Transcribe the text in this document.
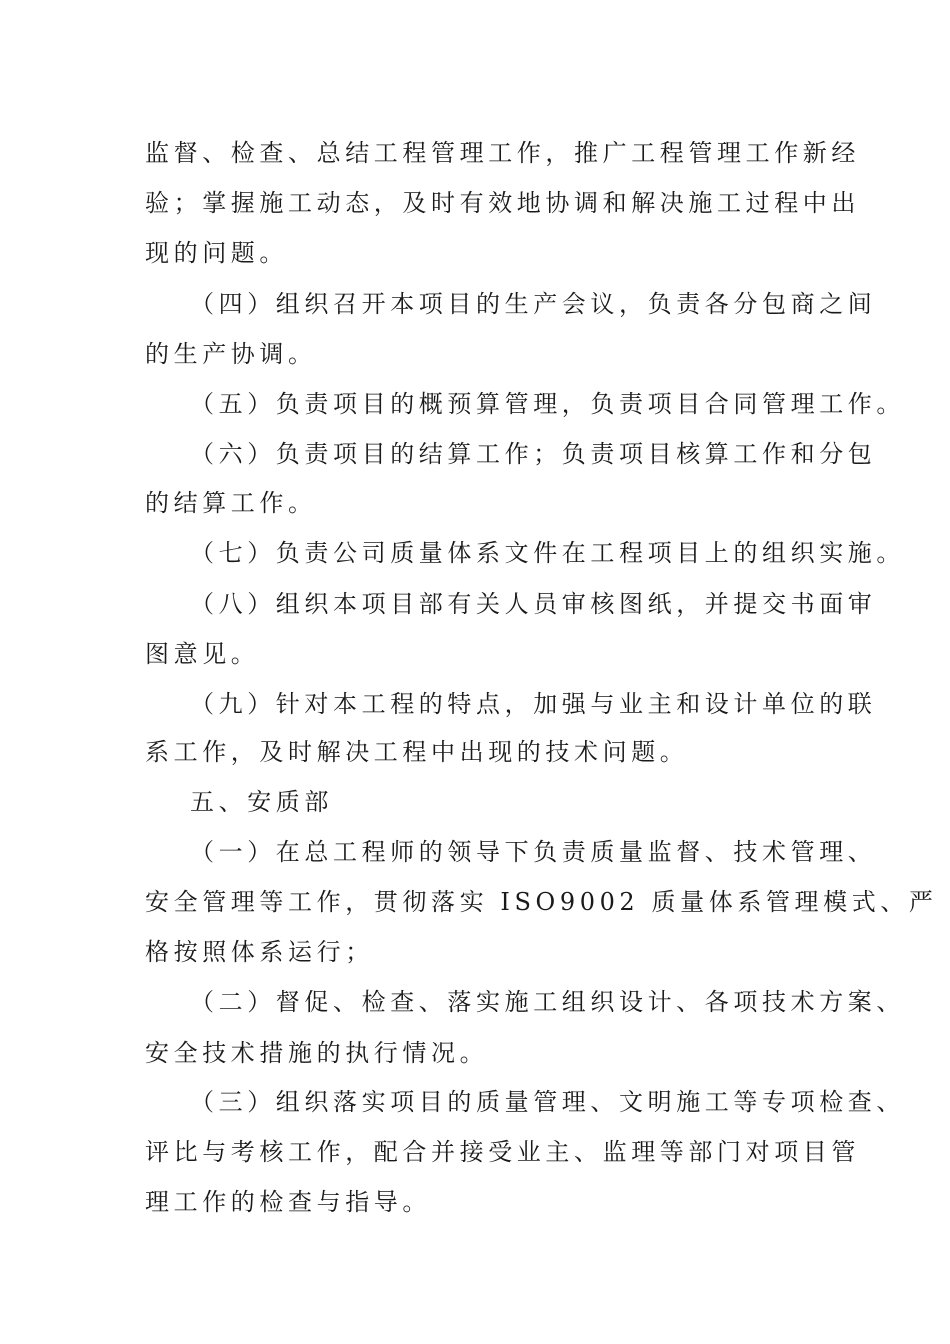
监督、检查、总结工程管理工作，推广工程管理工作新经
验；掌握施工动态，及时有效地协调和解决施工过程中出
现的问题。
（四）组织召开本项目的生产会议，负责各分包商之间
的生产协调。
（五）负责项目的概预算管理，负责项目合同管理工作。
（六）负责项目的结算工作；负责项目核算工作和分包
的结算工作。
（七）负责公司质量体系文件在工程项目上的组织实施。
（八）组织本项目部有关人员审核图纸，并提交书面审
图意见。
（九）针对本工程的特点，加强与业主和设计单位的联
系工作，及时解决工程中出现的技术问题。
五、安质部
（一）在总工程师的领导下负责质量监督、技术管理、
安全管理等工作，贯彻落实 ISO9002 质量体系管理模式、严
格按照体系运行；
（二）督促、检查、落实施工组织设计、各项技术方案、
安全技术措施的执行情况。
（三）组织落实项目的质量管理、文明施工等专项检查、
评比与考核工作，配合并接受业主、监理等部门对项目管
理工作的检查与指导。
